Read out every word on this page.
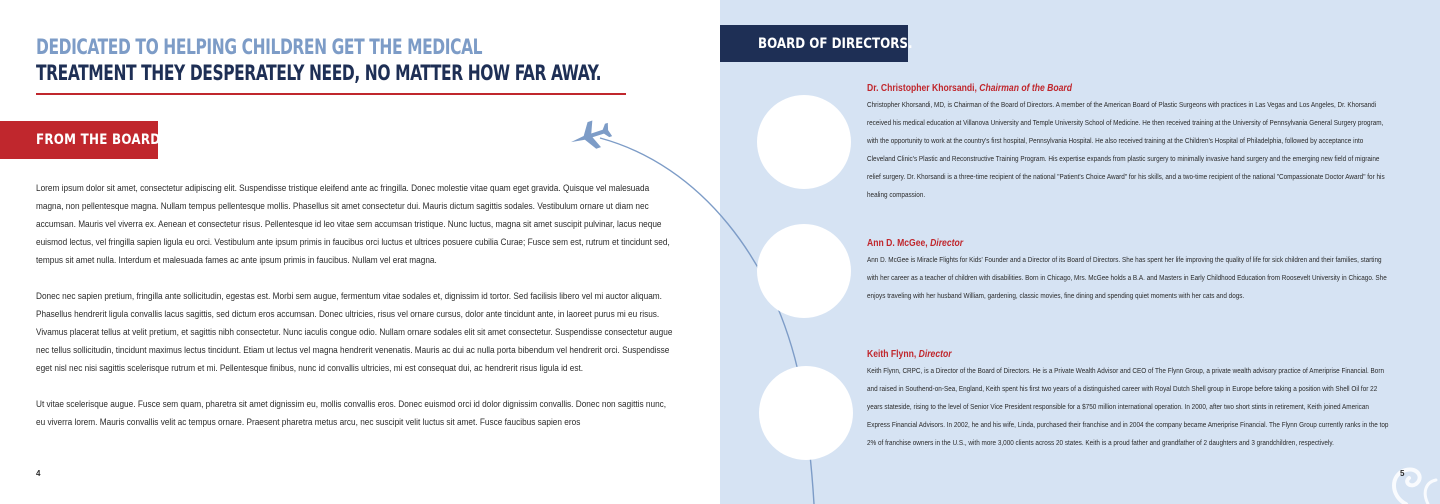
DEDICATED TO HELPING CHILDREN GET THE MEDICAL
TREATMENT THEY DESPERATELY NEED, NO MATTER HOW FAR AWAY.
FROM THE BOARD.

Lorem ipsum dolor sit amet, consectetur adipiscing elit. Suspendisse tristique eleifend ante ac fringilla. Donec molestie vitae quam eget gravida. Quisque vel malesuada magna, non pellentesque magna. Nullam tempus pellentesque mollis. Phasellus sit amet consectetur dui. Mauris dictum sagittis sodales. Vestibulum ornare ut diam nec accumsan. Mauris vel viverra ex. Aenean et consectetur risus. Pellentesque id leo vitae sem accumsan tristique. Nunc luctus, magna sit amet suscipit pulvinar, lacus neque euismod lectus, vel fringilla sapien ligula eu orci. Vestibulum ante ipsum primis in faucibus orci luctus et ultrices posuere cubilia Curae; Fusce sem est, rutrum et tincidunt sed, tempus sit amet nulla. Interdum et malesuada fames ac ante ipsum primis in faucibus. Nullam vel erat magna.

Donec nec sapien pretium, fringilla ante sollicitudin, egestas est. Morbi sem augue, fermentum vitae sodales et, dignissim id tortor. Sed facilisis libero vel mi auctor aliquam. Phasellus hendrerit ligula convallis lacus sagittis, sed dictum eros accumsan. Donec ultricies, risus vel ornare cursus, dolor ante tincidunt ante, in laoreet purus mi eu risus. Vivamus placerat tellus at velit pretium, et sagittis nibh consectetur. Nunc iaculis congue odio. Nullam ornare sodales elit sit amet consectetur. Suspendisse consectetur augue nec tellus sollicitudin, tincidunt maximus lectus tincidunt. Etiam ut lectus vel magna hendrerit venenatis. Mauris ac dui ac nulla porta bibendum vel hendrerit orci. Suspendisse eget nisl nec nisi sagittis scelerisque rutrum et mi. Pellentesque finibus, nunc id convallis ultricies, mi est consequat dui, ac hendrerit risus ligula id est.

Ut vitae scelerisque augue. Fusce sem quam, pharetra sit amet dignissim eu, mollis convallis eros. Donec euismod orci id dolor dignissim convallis. Donec non sagittis nunc, eu viverra lorem. Mauris convallis velit ac tempus ornare. Praesent pharetra metus arcu, nec suscipit velit luctus sit amet. Fusce faucibus sapien eros

4
BOARD OF DIRECTORS.
Dr. Christopher Khorsandi, Chairman of the Board
Christopher Khorsandi, MD, is Chairman of the Board of Directors. A member of the American Board of Plastic Surgeons with practices in Las Vegas and Los Angeles, Dr. Khorsandi received his medical education at Villanova University and Temple University School of Medicine. He then received training at the University of Pennsylvania General Surgery program, with the opportunity to work at the country's first hospital, Pennsylvania Hospital. He also received training at the Children's Hospital of Philadelphia, followed by acceptance into Cleveland Clinic's Plastic and Reconstructive Training Program. His expertise expands from plastic surgery to minimally invasive hand surgery and the emerging new field of migraine relief surgery. Dr. Khorsandi is a three-time recipient of the national "Patient's Choice Award" for his skills, and a two-time recipient of the national "Compassionate Doctor Award" for his healing compassion.
Ann D. McGee, Director
Ann D. McGee is Miracle Flights for Kids' Founder and a Director of its Board of Directors. She has spent her life improving the quality of life for sick children and their families, starting with her career as a teacher of children with disabilities. Born in Chicago, Mrs. McGee holds a B.A. and Masters in Early Childhood Education from Roosevelt University in Chicago. She enjoys traveling with her husband William, gardening, classic movies, fine dining and spending quiet moments with her cats and dogs.
Keith Flynn, Director
Keith Flynn, CRPC, is a Director of the Board of Directors. He is a Private Wealth Advisor and CEO of The Flynn Group, a private wealth advisory practice of Ameriprise Financial. Born and raised in Southend-on-Sea, England, Keith spent his first two years of a distinguished career with Royal Dutch Shell group in Europe before taking a position with Shell Oil for 22 years stateside, rising to the level of Senior Vice President responsible for a $750 million international operation. In 2000, after two short stints in retirement, Keith joined American Express Financial Advisors. In 2002, he and his wife, Linda, purchased their franchise and in 2004 the company became Ameriprise Financial. The Flynn Group currently ranks in the top 2% of franchise owners in the U.S., with more 3,000 clients across 20 states. Keith is a proud father and grandfather of 2 daughters and 3 grandchildren, respectively.
5
